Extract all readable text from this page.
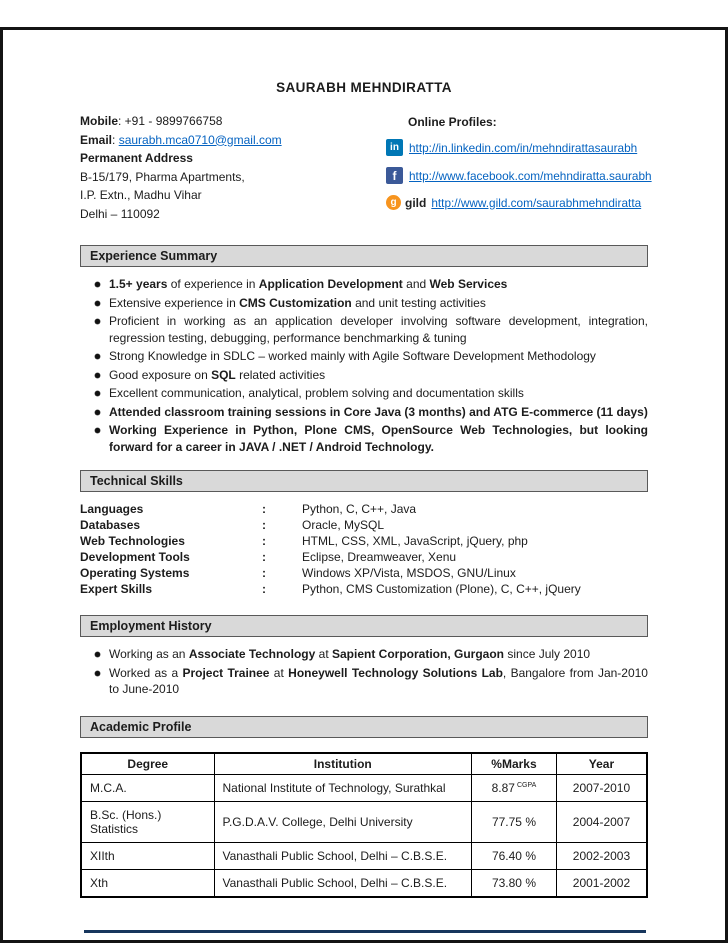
SAURABH MEHNDIRATTA
Mobile: +91 - 9899766758
Email: saurabh.mca0710@gmail.com
Permanent Address
B-15/179, Pharma Apartments,
I.P. Extn., Madhu Vihar
Delhi – 110092
Online Profiles:
in http://in.linkedin.com/in/mehndirattasaurabh
f	http://www.facebook.com/mehndiratta.saurabh
g gild http://www.gild.com/saurabhmehndiratta
Experience Summary
1.5+ years of experience in Application Development and Web Services
Extensive experience in CMS Customization and unit testing activities
Proficient in working as an application developer involving software development, integration, regression testing, debugging, performance benchmarking & tuning
Strong Knowledge in SDLC – worked mainly with Agile Software Development Methodology
Good exposure on SQL related activities
Excellent communication, analytical, problem solving and documentation skills
Attended classroom training sessions in Core Java (3 months) and ATG E-commerce (11 days)
Working Experience in Python, Plone CMS, OpenSource Web Technologies, but looking forward for a career in JAVA / .NET / Android Technology.
Technical Skills
Languages	:	Python, C, C++, Java
Databases	:	Oracle, MySQL
Web Technologies	:	HTML, CSS, XML, JavaScript, jQuery, php
Development Tools	:	Eclipse, Dreamweaver, Xenu
Operating Systems	:	Windows XP/Vista, MSDOS, GNU/Linux
Expert Skills	:	Python, CMS Customization (Plone), C, C++, jQuery
Employment History
Working as an Associate Technology at Sapient Corporation, Gurgaon since July 2010
Worked as a Project Trainee at Honeywell Technology Solutions Lab, Bangalore from Jan-2010 to June-2010
Academic Profile
Degree	Institution	%Marks	Year
M.C.A.	National Institute of Technology, Surathkal	8.87 $^{CGPA}$	2007-2010
B.Sc. (Hons.) Statistics	P.G.D.A.V. College, Delhi University	77.75 %	2004-2007
XIIth	Vanasthali Public School, Delhi – C.B.S.E.	76.40 %	2002-2003
Xth	Vanasthali Public School, Delhi – C.B.S.E.	73.80 %	2001-2002
